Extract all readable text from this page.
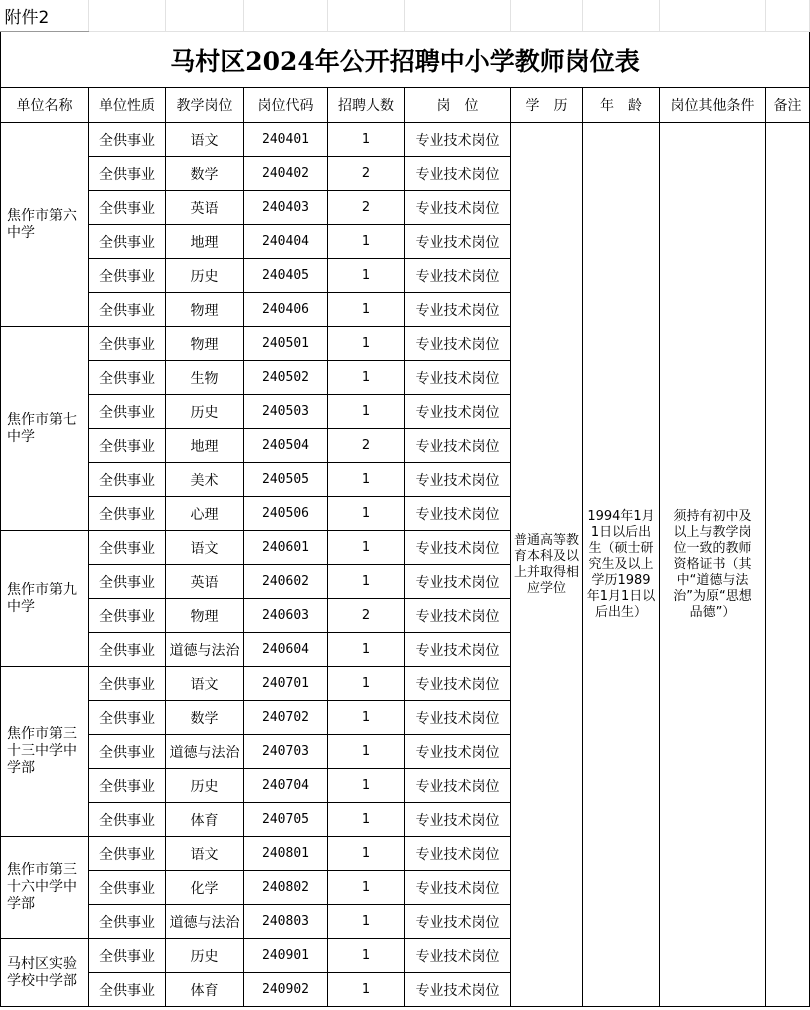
附件2									
马村区2024年公开招聘中小学教师岗位表									
单位名称	单位性质	教学岗位	岗位代码	招聘人数	岗　位	学　历	年　龄	岗位其他条件	备注
焦作市第六中学	全供事业	语文	240401	1	专业技术岗位	普通高等教育本科及以上并取得相应学位	1994年1月1日以后出生（硕士研究生及以上学历1989年1月1日以后出生）	须持有初中及以上与教学岗位一致的教师资格证书（其中“道德与法治”为原“思想品德”）	
	全供事业	数学	240402	2	专业技术岗位				
	全供事业	英语	240403	2	专业技术岗位				
	全供事业	地理	240404	1	专业技术岗位				
	全供事业	历史	240405	1	专业技术岗位				
	全供事业	物理	240406	1	专业技术岗位				
焦作市第七中学	全供事业	物理	240501	1	专业技术岗位				
	全供事业	生物	240502	1	专业技术岗位				
	全供事业	历史	240503	1	专业技术岗位				
	全供事业	地理	240504	2	专业技术岗位				
	全供事业	美术	240505	1	专业技术岗位				
	全供事业	心理	240506	1	专业技术岗位				
焦作市第九中学	全供事业	语文	240601	1	专业技术岗位				
	全供事业	英语	240602	1	专业技术岗位				
	全供事业	物理	240603	2	专业技术岗位				
	全供事业	道德与法治	240604	1	专业技术岗位				
焦作市第三十三中学中学部	全供事业	语文	240701	1	专业技术岗位				
	全供事业	数学	240702	1	专业技术岗位				
	全供事业	道德与法治	240703	1	专业技术岗位				
	全供事业	历史	240704	1	专业技术岗位				
	全供事业	体育	240705	1	专业技术岗位				
焦作市第三十六中学中学部	全供事业	语文	240801	1	专业技术岗位				
	全供事业	化学	240802	1	专业技术岗位				
	全供事业	道德与法治	240803	1	专业技术岗位				
马村区实验学校中学部	全供事业	历史	240901	1	专业技术岗位				
	全供事业	体育	240902	1	专业技术岗位				
